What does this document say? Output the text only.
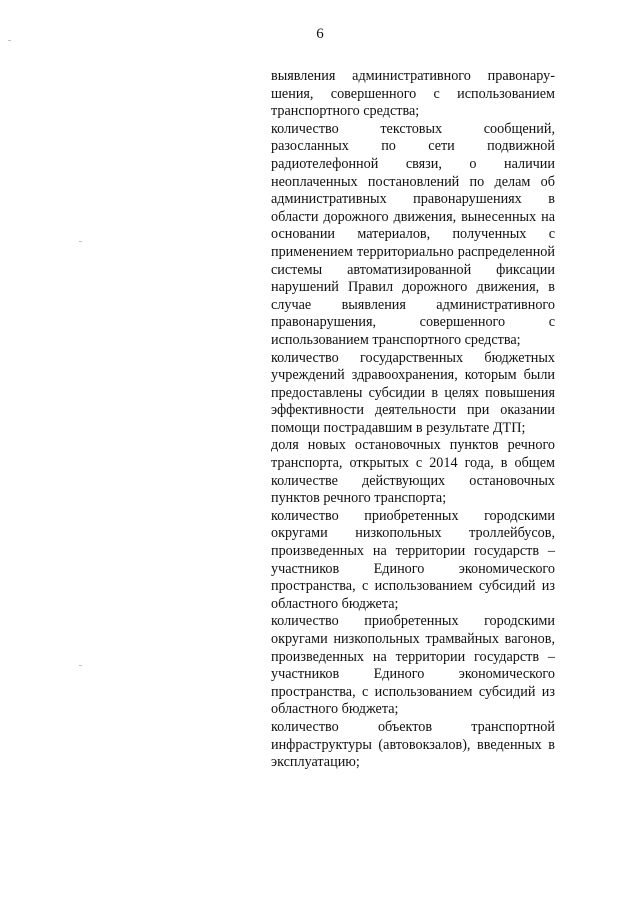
6

выявления административного правонарушения, совершенного с использованием транспортного средства;

количество текстовых сообщений, разосланных по сети подвижной радиотелефонной связи, о наличии неоплаченных постановлений по делам об административных правонарушениях в области дорожного движения, вынесенных на основании материалов, полученных с применением территориально распределенной системы автоматизированной фиксации нарушений Правил дорожного движения, в случае выявления административного правонарушения, совершенного с использованием транспортного средства;

количество государственных бюджетных учреждений здравоохранения, которым были предоставлены субсидии в целях повышения эффективности деятельности при оказании помощи пострадавшим в результате ДТП;

доля новых остановочных пунктов речного транспорта, открытых с 2014 года, в общем количестве действующих остановочных пунктов речного транспорта;

количество приобретенных городскими округами низкопольных троллейбусов, произведенных на территории государств – участников Единого экономического пространства, с использованием субсидий из областного бюджета;

количество приобретенных городскими округами низкопольных трамвайных вагонов, произведенных на территории государств – участников Единого экономического пространства, с использованием субсидий из областного бюджета;

количество объектов транспортной инфраструктуры (автовокзалов), введенных в эксплуатацию;
